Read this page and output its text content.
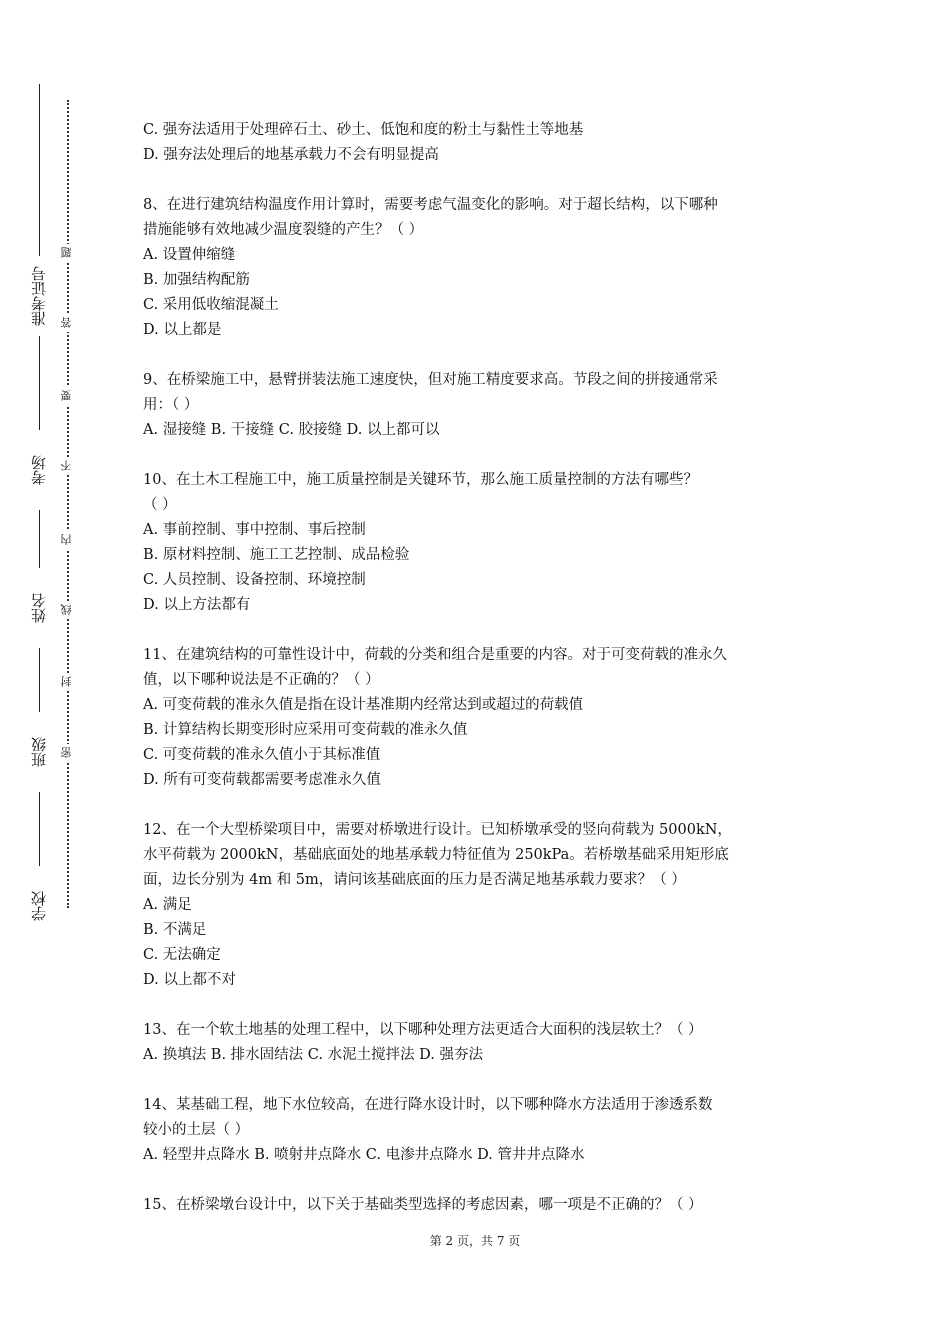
准考证号
考场
姓名
班级
学校
题
答
要
不
内
线
封
密
C. 强夯法适用于处理碎石土、砂土、低饱和度的粉土与黏性土等地基
D. 强夯法处理后的地基承载力不会有明显提高
8、在进行建筑结构温度作用计算时，需要考虑气温变化的影响。对于超长结构，以下哪种
措施能够有效地减少温度裂缝的产生？（ ）
A. 设置伸缩缝
B. 加强结构配筋
C. 采用低收缩混凝土
D. 以上都是
9、在桥梁施工中，悬臂拼装法施工速度快，但对施工精度要求高。节段之间的拼接通常采
用：（ ）
A. 湿接缝 B. 干接缝 C. 胶接缝 D. 以上都可以
10、在土木工程施工中，施工质量控制是关键环节，那么施工质量控制的方法有哪些？
（ ）
A. 事前控制、事中控制、事后控制
B. 原材料控制、施工工艺控制、成品检验
C. 人员控制、设备控制、环境控制
D. 以上方法都有
11、在建筑结构的可靠性设计中，荷载的分类和组合是重要的内容。对于可变荷载的准永久
值，以下哪种说法是不正确的？（ ）
A. 可变荷载的准永久值是指在设计基准期内经常达到或超过的荷载值
B. 计算结构长期变形时应采用可变荷载的准永久值
C. 可变荷载的准永久值小于其标准值
D. 所有可变荷载都需要考虑准永久值
12、在一个大型桥梁项目中，需要对桥墩进行设计。已知桥墩承受的竖向荷载为 5000kN，
水平荷载为 2000kN，基础底面处的地基承载力特征值为 250kPa。若桥墩基础采用矩形底
面，边长分别为 4m 和 5m，请问该基础底面的压力是否满足地基承载力要求？（ ）
A. 满足
B. 不满足
C. 无法确定
D. 以上都不对
13、在一个软土地基的处理工程中，以下哪种处理方法更适合大面积的浅层软土？（ ）
A. 换填法 B. 排水固结法 C. 水泥土搅拌法 D. 强夯法
14、某基础工程，地下水位较高，在进行降水设计时，以下哪种降水方法适用于渗透系数
较小的土层（ ）
A. 轻型井点降水 B. 喷射井点降水 C. 电渗井点降水 D. 管井井点降水
15、在桥梁墩台设计中，以下关于基础类型选择的考虑因素，哪一项是不正确的？（ ）
第 2 页，共 7 页
